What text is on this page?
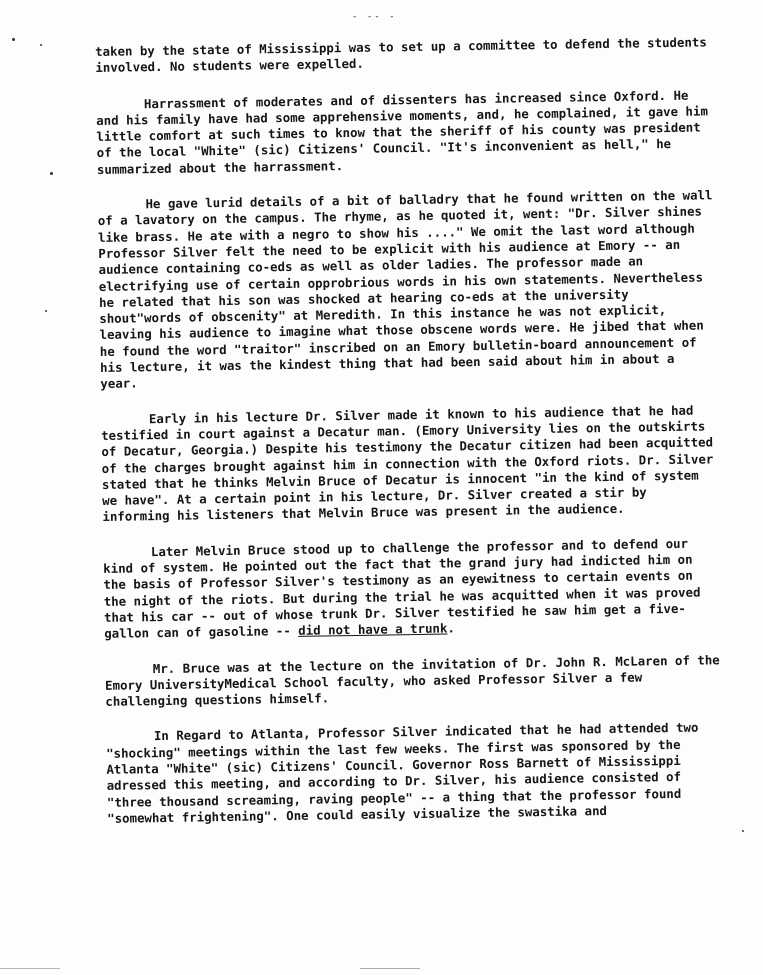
- -- -

taken by the state of Mississippi was to set up a committee to defend the students involved. No students were expelled.

Harrassment of moderates and of dissenters has increased since Oxford. He and his family have had some apprehensive moments, and, he complained, it gave him little comfort at such times to know that the sheriff of his county was president of the local "White" (sic) Citizens' Council. "It's inconvenient as hell," he summarized about the harrassment.

He gave lurid details of a bit of balladry that he found written on the wall of a lavatory on the campus. The rhyme, as he quoted it, went: "Dr. Silver shines like brass. He ate with a negro to show his ...." We omit the last word although Professor Silver felt the need to be explicit with his audience at Emory -- an audience containing co-eds as well as older ladies. The professor made an electrifying use of certain opprobrious words in his own statements. Nevertheless he related that his son was shocked at hearing co-eds at the university shout"words of obscenity" at Meredith. In this instance he was not explicit, leaving his audience to imagine what those obscene words were. He jibed that when he found the word "traitor" inscribed on an Emory bulletin-board announcement of his lecture, it was the kindest thing that had been said about him in about a year.

Early in his lecture Dr. Silver made it known to his audience that he had testified in court against a Decatur man. (Emory University lies on the outskirts of Decatur, Georgia.) Despite his testimony the Decatur citizen had been acquitted of the charges brought against him in connection with the Oxford riots. Dr. Silver stated that he thinks Melvin Bruce of Decatur is innocent "in the kind of system we have". At a certain point in his lecture, Dr. Silver created a stir by informing his listeners that Melvin Bruce was present in the audience.

Later Melvin Bruce stood up to challenge the professor and to defend our kind of system. He pointed out the fact that the grand jury had indicted him on the basis of Professor Silver's testimony as an eyewitness to certain events on the night of the riots. But during the trial he was acquitted when it was proved that his car -- out of whose trunk Dr. Silver testified he saw him get a five-gallon can of gasoline -- did not have a trunk.

Mr. Bruce was at the lecture on the invitation of Dr. John R. McLaren of the Emory UniversityMedical School faculty, who asked Professor Silver a few challenging questions himself.

In Regard to Atlanta, Professor Silver indicated that he had attended two "shocking" meetings within the last few weeks. The first was sponsored by the Atlanta "White" (sic) Citizens' Council. Governor Ross Barnett of Mississippi adressed this meeting, and according to Dr. Silver, his audience consisted of "three thousand screaming, raving people" -- a thing that the professor found "somewhat frightening". One could easily visualize the swastika and
